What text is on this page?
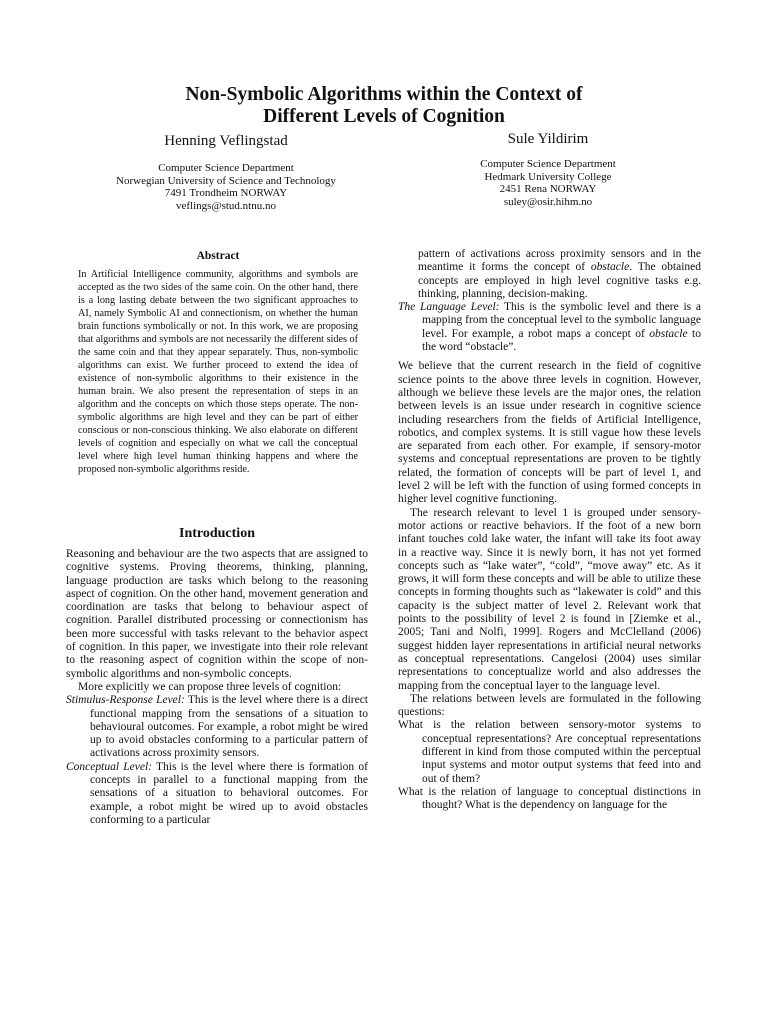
Non-Symbolic Algorithms within the Context of
Different Levels of Cognition
Henning Veflingstad
Computer Science Department
Norwegian University of Science and Technology
7491 Trondheim NORWAY
veflings@stud.ntnu.no
Sule Yildirim
Computer Science Department
Hedmark University College
2451 Rena NORWAY
suley@osir.hihm.no
Abstract

In Artificial Intelligence community, algorithms and symbols are accepted as the two sides of the same coin. On the other hand, there is a long lasting debate between the two significant approaches to AI, namely Symbolic AI and connectionism, on whether the human brain functions symbolically or not. In this work, we are proposing that algorithms and symbols are not necessarily the different sides of the same coin and that they appear separately. Thus, non-symbolic algorithms can exist. We further proceed to extend the idea of existence of non-symbolic algorithms to their existence in the human brain. We also present the representation of steps in an algorithm and the concepts on which those steps operate. The non-symbolic algorithms are high level and they can be part of either conscious or non-conscious thinking. We also elaborate on different levels of cognition and especially on what we call the conceptual level where high level human thinking happens and where the proposed non-symbolic algorithms reside.

Introduction

Reasoning and behaviour are the two aspects that are assigned to cognitive systems. Proving theorems, thinking, planning, language production are tasks which belong to the reasoning aspect of cognition. On the other hand, movement generation and coordination are tasks that belong to behaviour aspect of cognition. Parallel distributed processing or connectionism has been more successful with tasks relevant to the behavior aspect of cognition. In this paper, we investigate into their role relevant to the reasoning aspect of cognition within the scope of non-symbolic algorithms and non-symbolic concepts.

More explicitly we can propose three levels of cognition:

Stimulus-Response Level: This is the level where there is a direct functional mapping from the sensations of a situation to behavioural outcomes. For example, a robot might be wired up to avoid obstacles conforming to a particular pattern of activations across proximity sensors.

Conceptual Level: This is the level where there is formation of concepts in parallel to a functional mapping from the sensations of a situation to behavioral outcomes. For example, a robot might be wired up to avoid obstacles conforming to a particular

pattern of activations across proximity sensors and in the meantime it forms the concept of obstacle. The obtained concepts are employed in high level cognitive tasks e.g. thinking, planning, decision-making.

The Language Level: This is the symbolic level and there is a mapping from the conceptual level to the symbolic language level. For example, a robot maps a concept of obstacle to the word “obstacle”.

We believe that the current research in the field of cognitive science points to the above three levels in cognition. However, although we believe these levels are the major ones, the relation between levels is an issue under research in cognitive science including researchers from the fields of Artificial Intelligence, robotics, and complex systems. It is still vague how these levels are separated from each other. For example, if sensory-motor systems and conceptual representations are proven to be tightly related, the formation of concepts will be part of level 1, and level 2 will be left with the function of using formed concepts in higher level cognitive functioning.

The research relevant to level 1 is grouped under sensory-motor actions or reactive behaviors. If the foot of a new born infant touches cold lake water, the infant will take its foot away in a reactive way. Since it is newly born, it has not yet formed concepts such as “lake water”, “cold”, “move away” etc. As it grows, it will form these concepts and will be able to utilize these concepts in forming thoughts such as “lakewater is cold” and this capacity is the subject matter of level 2. Relevant work that points to the possibility of level 2 is found in [Ziemke et al., 2005; Tani and Nolfi, 1999]. Rogers and McClelland (2006) suggest hidden layer representations in artificial neural networks as conceptual representations. Cangelosi (2004) uses similar representations to conceptualize world and also addresses the mapping from the conceptual layer to the language level.

The relations between levels are formulated in the following questions:

What is the relation between sensory-motor systems to conceptual representations? Are conceptual representations different in kind from those computed within the perceptual input systems and motor output systems that feed into and out of them?

What is the relation of language to conceptual distinctions in thought? What is the dependency on language for the
